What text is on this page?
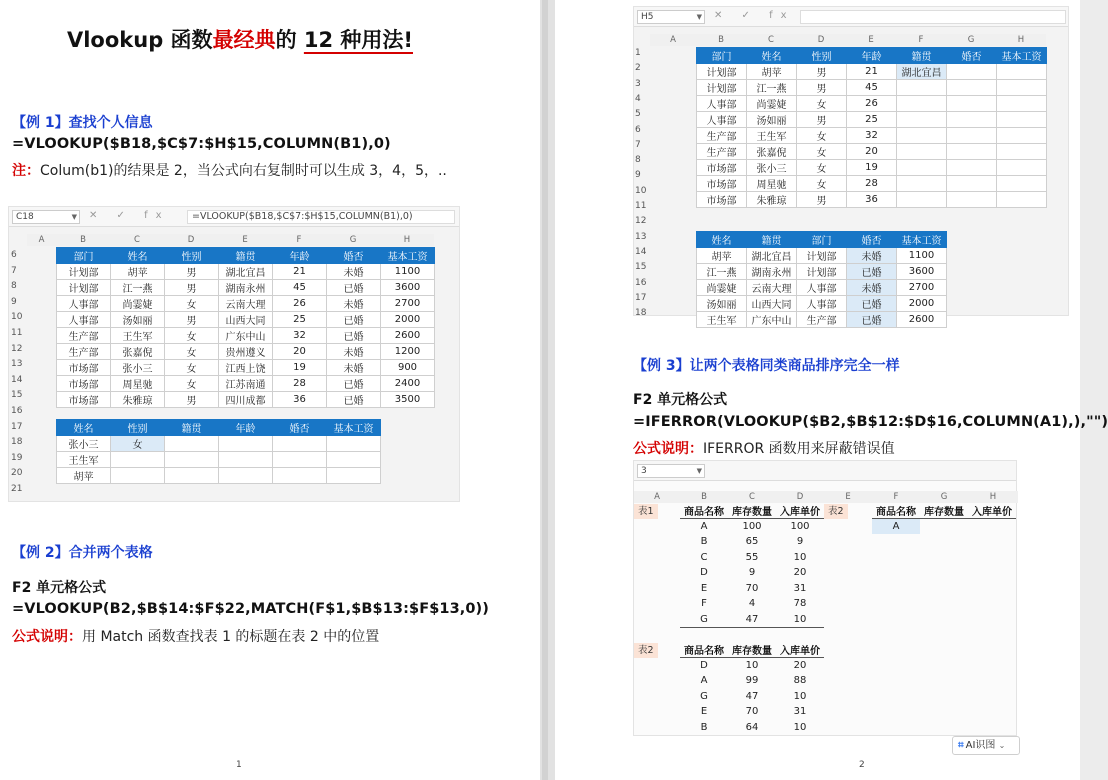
Vlookup 函数最经典的 12 种用法!
【例 1】查找个人信息
=VLOOKUP($B18,$C$7:$H$15,COLUMN(B1),0)
注：Colum(b1)的结果是 2，当公式向右复制时可以生成 3，4，5，..
C18	▼ ✕ ✓ fx	=VLOOKUP($B18,$C$7:$H$15,COLUMN(B1),0)
A	B	C	D	E	F	G	H
6
7
8
9
10
11
12
13
14
15
16
17
18
19
20
21
部门	姓名	性别	籍贯	年龄	婚否	基本工资
计划部	胡苹	男	湖北宜昌	21	未婚	1100
计划部	江一燕	男	湖南永州	45	已婚	3600
人事部	尚霎婕	女	云南大理	26	未婚	2700
人事部	汤如丽	男	山西大同	25	已婚	2000
生产部	王生军	女	广东中山	32	已婚	2600
生产部	张嘉倪	女	贵州遵义	20	未婚	1200
市场部	张小三	女	江西上饶	19	未婚	900
市场部	周星驰	女	江苏南通	28	已婚	2400
市场部	朱雅琼	男	四川成都	36	已婚	3500
姓名	性别	籍贯	年龄	婚否	基本工资
张小三	女				
王生军					
胡苹					
【例 2】合并两个表格
F2 单元格公式
=VLOOKUP(B2,$B$14:$F$22,MATCH(F$1,$B$13:$F$13,0))
公式说明：用 Match 函数查找表 1 的标题在表 2 中的位置
1
H5	▼ ✕ ✓ fx
A	B	C	D	E	F	G	H
1
2
3
4
5
6
7
8
9
10
11
12
13
14
15
16
17
18
部门	姓名	性别	年龄	籍贯	婚否	基本工资
计划部	胡苹	男	21	湖北宜昌		
计划部	江一燕	男	45			
人事部	尚霎婕	女	26			
人事部	汤如丽	男	25			
生产部	王生军	女	32			
生产部	张嘉倪	女	20			
市场部	张小三	女	19			
市场部	周星驰	女	28			
市场部	朱雅琼	男	36			
姓名	籍贯	部门	婚否	基本工资
胡苹	湖北宜昌	计划部	未婚	1100
江一燕	湖南永州	计划部	已婚	3600
尚霎婕	云南大理	人事部	未婚	2700
汤如丽	山西大同	人事部	已婚	2000
王生军	广东中山	生产部	已婚	2600
【例 3】让两个表格同类商品排序完全一样
F2 单元格公式
=IFERROR(VLOOKUP($B2,$B$12:$D$16,COLUMN(A1),),"")
公式说明：IFERROR 函数用来屏蔽错误值
3	▼
A	B	C	D	E	F	G	H
表1	表2
表2
商品名称	库存数量	入库单价
A	100	100
B	65	9
C	55	10
D	9	20
E	70	31
F	4	78
G	47	10
商品名称	库存数量	入库单价
D	10	20
A	99	88
G	47	10
E	70	31
B	64	10
商品名称	库存数量	入库单价
A		
2
⌗ AI识图 ⌄
